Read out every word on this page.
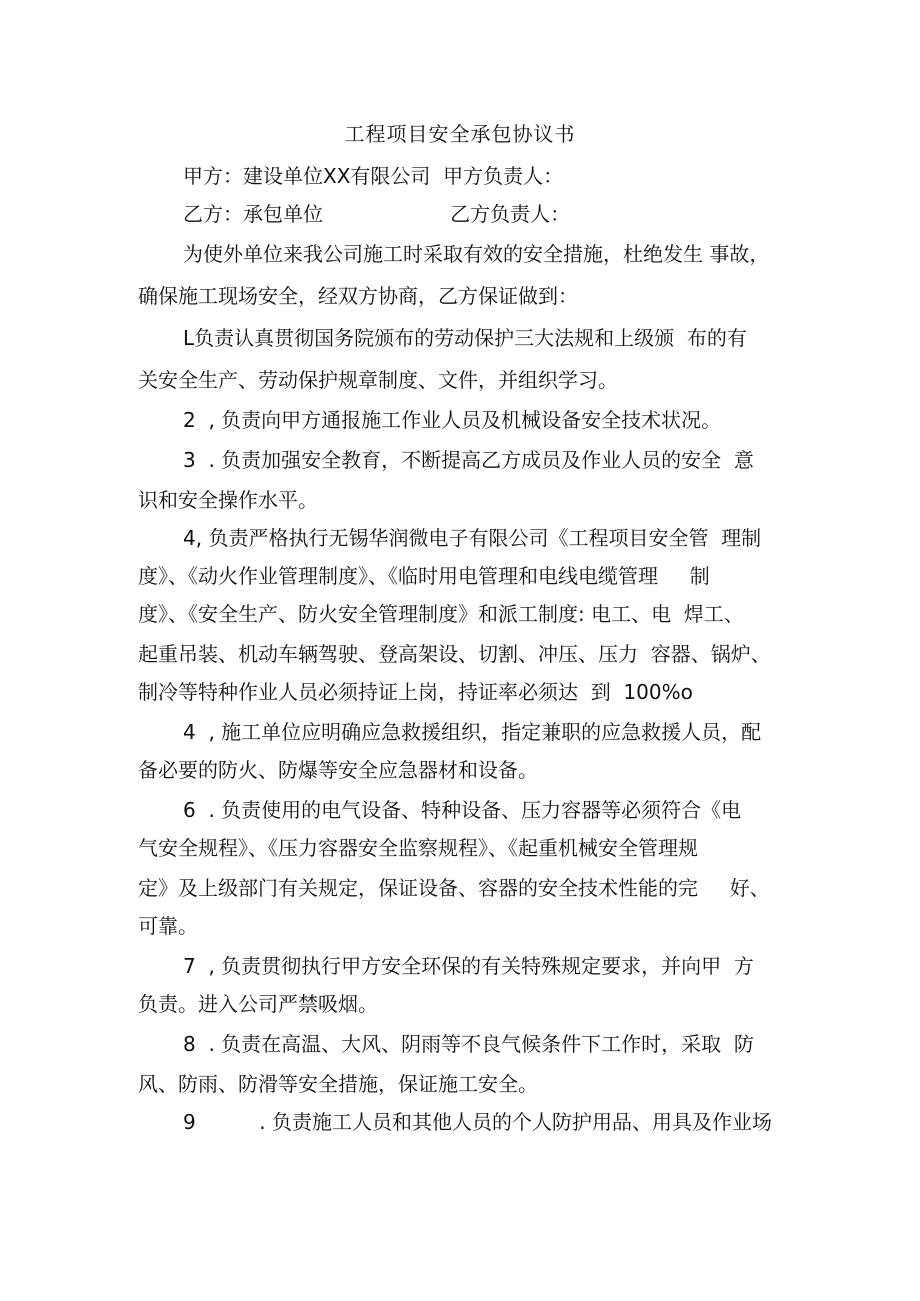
工程项目安全承包协议书
甲方：建设单位XX有限公司  甲方负责人：
乙方：承包单位                    乙方负责人：
为使外单位来我公司施工时采取有效的安全措施，杜绝发生 事故，
确保施工现场安全，经双方协商，乙方保证做到：
L负责认真贯彻国务院颁布的劳动保护三大法规和上级颁  布的有
关安全生产、劳动保护规章制度、文件，并组织学习。
2  , 负责向甲方通报施工作业人员及机械设备安全技术状况。
3  . 负责加强安全教育，不断提高乙方成员及作业人员的安全  意
识和安全操作水平。
4, 负责严格执行无锡华润微电子有限公司《工程项目安全管  理制
度》、《动火作业管理制度》、《临时用电管理和电线电缆管理     制
度》、《安全生产、防火安全管理制度》和派工制度: 电工、电  焊工、
起重吊装、机动车辆驾驶、登高架设、切割、冲压、压力  容器、锅炉、
制冷等特种作业人员必须持证上岗，持证率必须达  到  100%o
4  , 施工单位应明确应急救援组织，指定兼职的应急救援人员，配
备必要的防火、防爆等安全应急器材和设备。
6  . 负责使用的电气设备、特种设备、压力容器等必须符合《电
气安全规程》、《压力容器安全监察规程》、《起重机械安全管理规
定》及上级部门有关规定，保证设备、容器的安全技术性能的完     好、
可靠。
7  , 负责贯彻执行甲方安全环保的有关特殊规定要求，并向甲  方
负责。进入公司严禁吸烟。
8  . 负责在高温、大风、阴雨等不良气候条件下工作时，采取  防
风、防雨、防滑等安全措施，保证施工安全。
9          . 负责施工人员和其他人员的个人防护用品、用具及作业场
